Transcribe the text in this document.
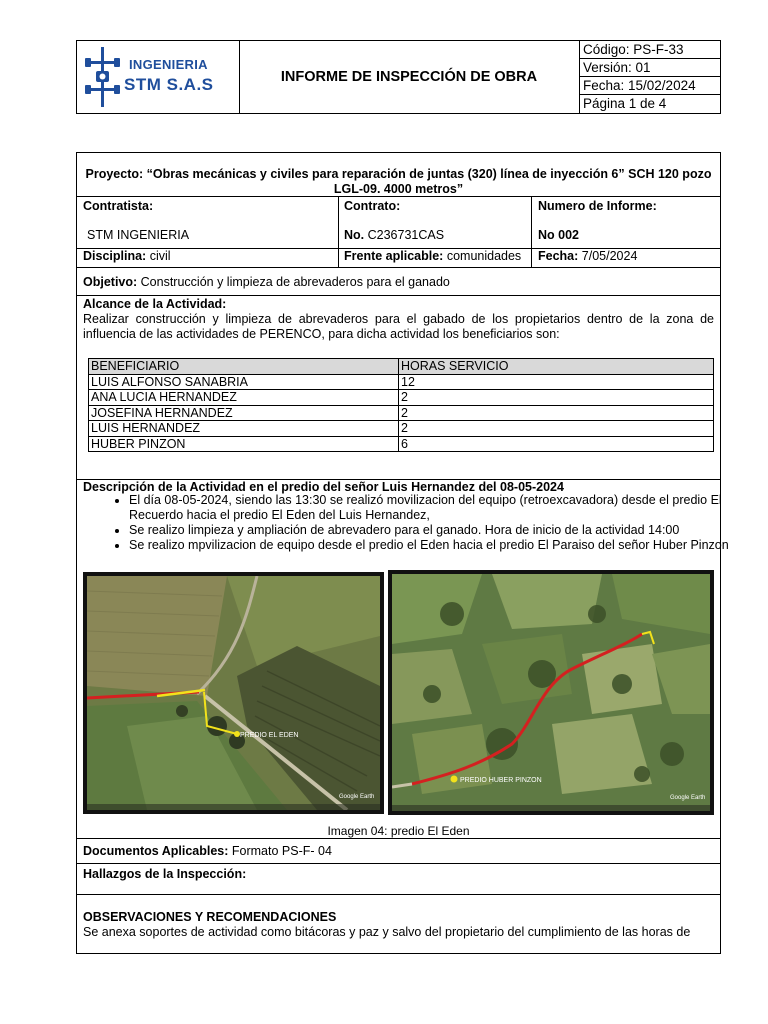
INGENIERIA
STM S.A.S	INFORME DE INSPECCIÓN DE OBRA
Código: PS-F-33
Versión: 01
Fecha: 15/02/2024
Página 1 de 4
Proyecto: “Obras mecánicas y civiles para reparación de juntas (320) línea de inyección 6” SCH 120 pozo
LGL-09. 4000 metros”
Contratista:
STM INGENIERIA
Contrato:
No. C236731CAS
Numero de Informe:
No 002
Disciplina: civil	Frente aplicable: comunidades Fecha: 7/05/2024
Objetivo: Construcción y limpieza de abrevaderos para el ganado
Alcance de la Actividad:
Realizar construcción y limpieza de abrevaderos para el gabado de los propietarios dentro de la zona de
influencia de las actividades de PERENCO, para dicha actividad los beneficiarios son:
BENEFICIARIO	HORAS SERVICIO
LUIS ALFONSO SANABRIA	12
ANA LUCIA HERNANDEZ	2
JOSEFINA HERNANDEZ	2
LUIS HERNANDEZ	2
HUBER PINZON	6
Descripción de la Actividad en el predio del señor Luis Hernandez del 08-05-2024
• El día 08-05-2024, siendo las 13:30 se realizó movilizacion del equipo (retroexcavadora) desde el predio El Recuerdo hacia el predio El Eden del Luis Hernandez,
• Se realizo limpieza y ampliación de abrevadero para el ganado. Hora de inicio de la actividad 14:00
• Se realizo mpvilizacion de equipo desde el predio el Eden hacia el predio El Paraiso del señor Huber Pinzon
PREDIO EL EDEN
Google Earth
PREDIO HUBER PINZON
Google Earth
Imagen 04: predio El Eden
Documentos Aplicables: Formato PS-F- 04
Hallazgos de la Inspección:
OBSERVACIONES Y RECOMENDACIONES
Se anexa soportes de actividad como bitácoras y paz y salvo del propietario del cumplimiento de las horas de
